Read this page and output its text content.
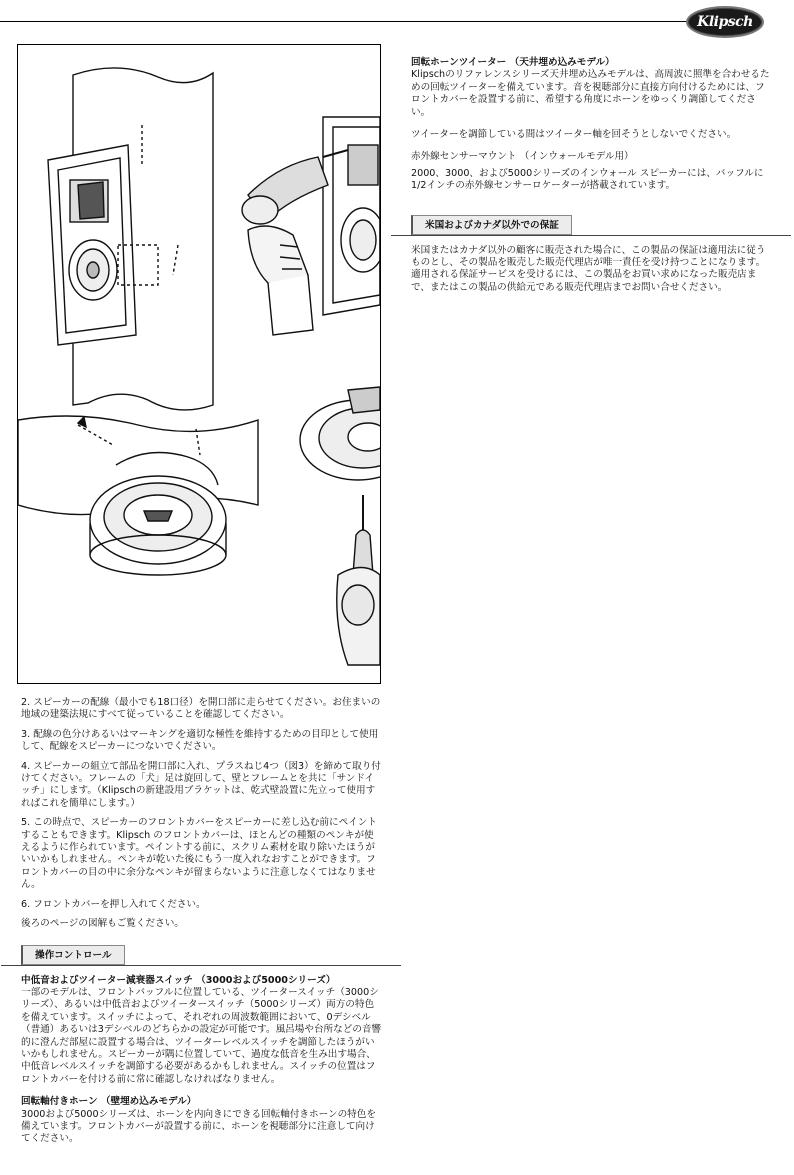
Klipsch

2. スピーカーの配線（最小でも18口径）を開口部に走らせてください。お住まいの地域の建築法規にすべて従っていることを確認してください。

3. 配線の色分けあるいはマーキングを適切な極性を維持するための目印として使用して、配線をスピーカーにつないでください。

4. スピーカーの組立て部品を開口部に入れ、プラスねじ4つ（図3）を締めて取り付けてください。フレームの「犬」足は旋回して、壁とフレームとを共に「サンドイッチ」にします。（Klipschの新建設用ブラケットは、乾式壁設置に先立って使用すればこれを簡単にします。）

5. この時点で、スピーカーのフロントカバーをスピーカーに差し込む前にペイントすることもできます。Klipsch のフロントカバーは、ほとんどの種類のペンキが使えるように作られています。ペイントする前に、スクリム素材を取り除いたほうがいいかもしれません。ペンキが乾いた後にもう一度入れなおすことができます。フロントカバーの目の中に余分なペンキが留まらないように注意しなくてはなりません。

6. フロントカバーを押し入れてください。

後ろのページの図解もご覧ください。

操作コントロール

中低音およびツイーター減衰器スイッチ （3000および5000シリーズ）

一部のモデルは、フロントバッフルに位置している、ツイータースイッチ（3000シリーズ）、あるいは中低音およびツイータースイッチ（5000シリーズ）両方の特色を備えています。スイッチによって、それぞれの周波数範囲において、0デシベル（普通）あるいは3デシベルのどちらかの設定が可能です。風呂場や台所などの音響的に澄んだ部屋に設置する場合は、ツイーターレベルスイッチを調節したほうがいいかもしれません。スピーカーが隅に位置していて、過度な低音を生み出す場合、中低音レベルスイッチを調節する必要があるかもしれません。スイッチの位置はフロントカバーを付ける前に常に確認しなければなりません。

回転軸付きホーン （壁埋め込みモデル）

3000および5000シリーズは、ホーンを内向きにできる回転軸付きホーンの特色を備えています。フロントカバーが設置する前に、ホーンを視聴部分に注意して向けてください。

回転ホーンツイーター （天井埋め込みモデル）

Klipschのリファレンスシリーズ天井埋め込みモデルは、高周波に照準を合わせるための回転ツイーターを備えています。音を視聴部分に直接方向付けるためには、フロントカバーを設置する前に、希望する角度にホーンをゆっくり調節してください。

ツイーターを調節している間はツイーター軸を回そうとしないでください。

赤外線センサーマウント （インウォールモデル用）

2000、3000、および5000シリーズのインウォール スピーカーには、バッフルに1/2インチの赤外線センサーロケーターが搭載されています。

米国およびカナダ以外での保証

米国またはカナダ以外の顧客に販売された場合に、この製品の保証は適用法に従うものとし、その製品を販売した販売代理店が唯一責任を受け持つことになります。適用される保証サービスを受けるには、この製品をお買い求めになった販売店まで、またはこの製品の供給元である販売代理店までお問い合せください。
